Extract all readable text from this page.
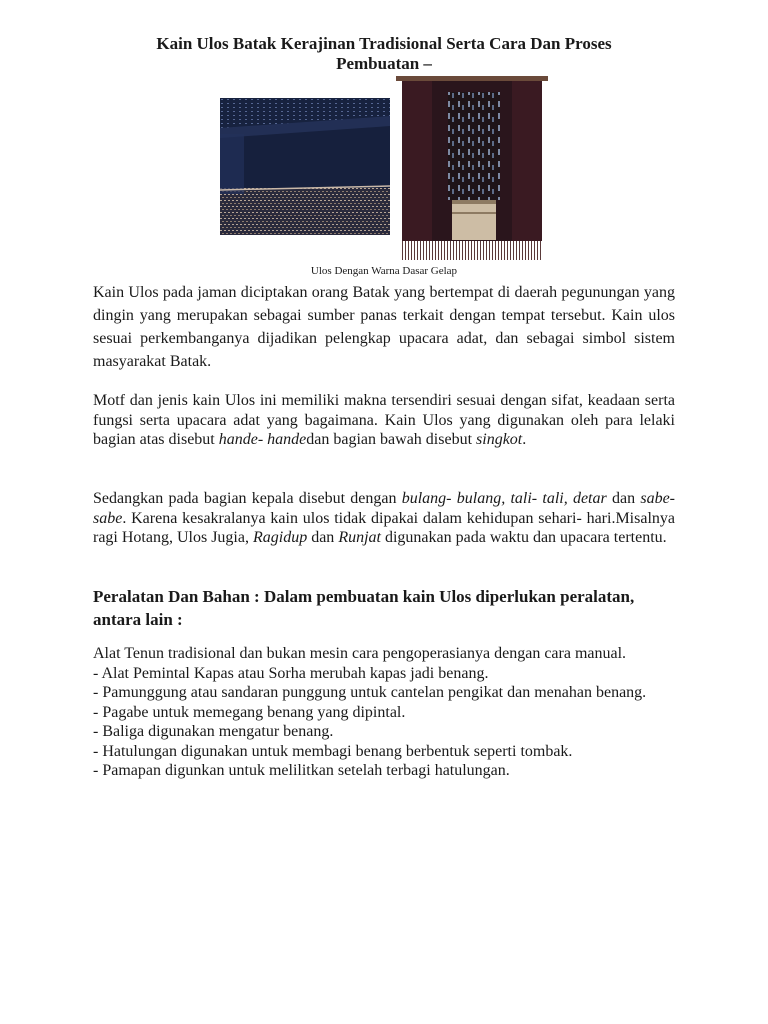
Kain Ulos Batak Kerajinan Tradisional Serta Cara Dan Proses Pembuatan –
Ulos Dengan Warna Dasar Gelap
Kain Ulos pada jaman diciptakan orang Batak yang bertempat di daerah pegunungan yang dingin yang merupakan sebagai sumber panas terkait dengan tempat tersebut. Kain ulos sesuai perkembanganya dijadikan pelengkap upacara adat, dan sebagai simbol sistem masyarakat Batak.
Motf dan jenis kain Ulos ini memiliki makna tersendiri sesuai dengan sifat, keadaan serta fungsi serta upacara adat yang bagaimana. Kain Ulos yang digunakan oleh para lelaki bagian atas disebut hande- handedan bagian bawah disebut singkot.
Sedangkan pada bagian kepala disebut dengan bulang- bulang, tali- tali, detar dan sabe- sabe. Karena kesakralanya kain ulos tidak dipakai dalam kehidupan sehari- hari.Misalnya ragi Hotang, Ulos Jugia, Ragidup dan Runjat digunakan pada waktu dan upacara tertentu.
Peralatan Dan Bahan : Dalam pembuatan kain Ulos diperlukan peralatan, antara lain :
Alat Tenun tradisional dan bukan mesin cara pengoperasianya dengan cara manual.
- Alat Pemintal Kapas atau Sorha merubah kapas jadi benang.
- Pamunggung atau sandaran punggung untuk cantelan pengikat dan menahan benang.
- Pagabe untuk memegang benang yang dipintal.
- Baliga digunakan mengatur benang.
- Hatulungan digunakan untuk membagi benang berbentuk seperti tombak.
- Pamapan digunkan untuk melilitkan setelah terbagi hatulungan.
